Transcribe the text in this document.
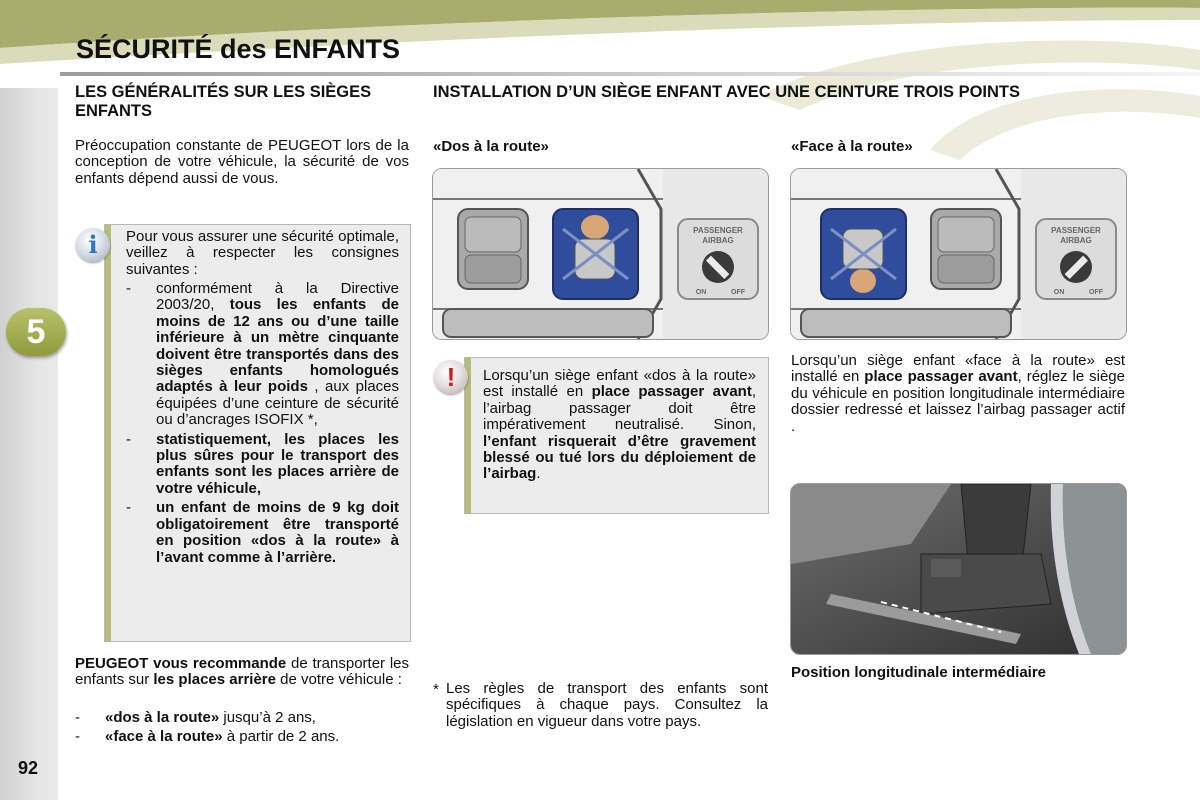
5
92
SÉCURITÉ des ENFANTS
LES GÉNÉRALITÉS SUR LES SIÈGES ENFANTS

Préoccupation constante de PEUGEOT lors de la conception de votre véhicule, la sécurité de vos enfants dépend aussi de vous.

i	Pour vous assurer une sécurité optimale, veillez à respecter les consignes suivantes :

- conformément à la Directive 2003/20, tous les enfants de moins de 12 ans ou d’une taille inférieure à un mètre cinquante doivent être transportés dans des sièges enfants homologués adaptés à leur poids , aux places équipées d’une ceinture de sécurité ou d’ancrages ISOFIX *,
- statistiquement, les places les plus sûres pour le transport des enfants sont les places arrière de votre véhicule,
- un enfant de moins de 9 kg doit obligatoirement être transporté en position «dos à la route» à l’avant comme à l’arrière.

PEUGEOT vous recommande de transporter les enfants sur les places arrière de votre véhicule :

- «dos à la route» jusqu’à 2 ans,
- «face à la route» à partir de 2 ans.
INSTALLATION D’UN SIÈGE ENFANT AVEC UNE CEINTURE TROIS POINTS
«Dos à la route»	«Face à la route»
PASSENGER
AIRBAG
ON	OFF
PASSENGER
AIRBAG
ON	OFF
!	Lorsqu’un siège enfant «dos à la route» est installé en place passager avant, l’airbag passager doit être impérativement neutralisé. Sinon, l’enfant risquerait d’être gravement blessé ou tué lors du déploiement de l’airbag.

Lorsqu’un siège enfant «face à la route» est installé en place passager avant, réglez le siège du véhicule en position longitudinale intermédiaire dossier redressé et laissez l’airbag passager actif .

Position longitudinale intermédiaire
* Les règles de transport des enfants sont spécifiques à chaque pays. Consultez la législation en vigueur dans votre pays.
